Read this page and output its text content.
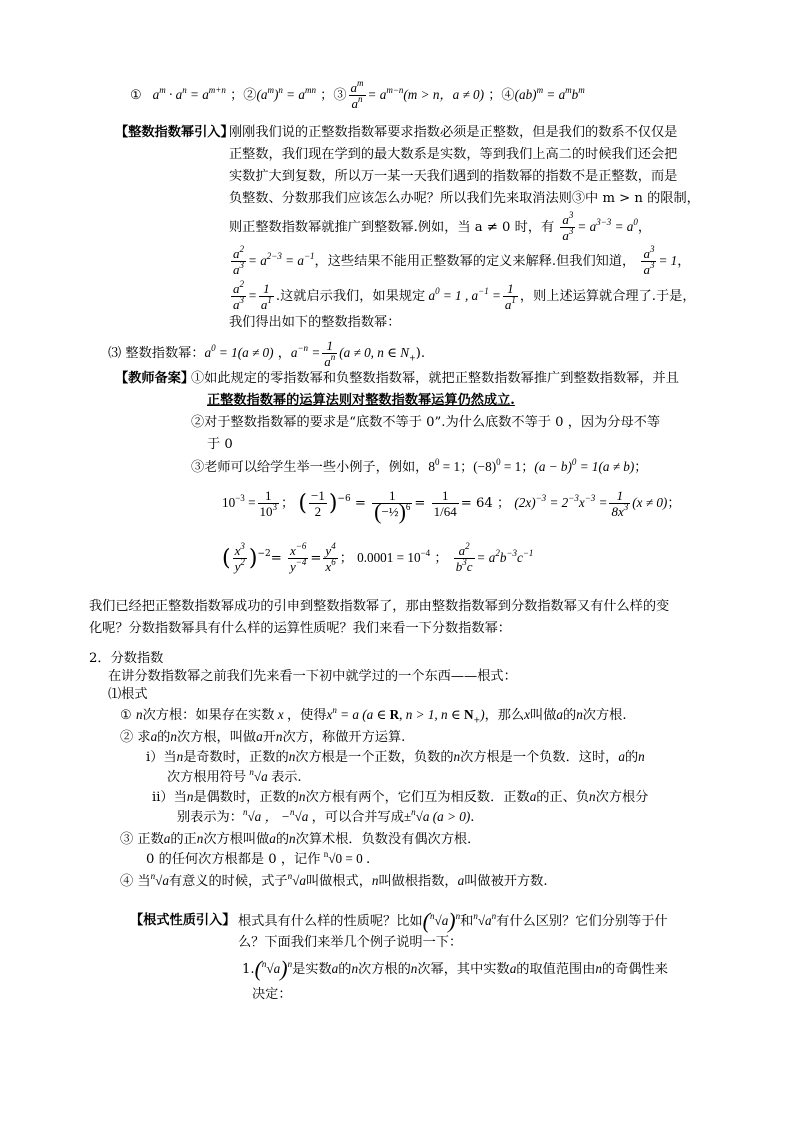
①   $a^m \cdot a^n = a^{m+n}$ ；$②(a^m)^n = a^{mn}$ ；③ $\frac{a^m}{a^n} = a^{m-n}(m > n$，a ≠ 0) ；④(ab)$^m$ = $a^mb^m$
【整数指数幂引入】
刚刚我们说的正整数指数幂要求指数必须是正整数，但是我们的数系不仅仅是
正整数，我们现在学到的最大数系是实数，等到我们上高二的时候我们还会把
实数扩大到复数，所以万一某一天我们遇到的指数幂的指数不是正整数，而是
负整数、分数那我们应该怎么办呢？所以我们先来取消法则③中 m > n 的限制，
则正整数指数幂就推广到整数幂.例如，当 a ≠ 0 时，有 $\frac{a^3}{a^3} = a^{3-3} = a^0$，
$\frac{a^2}{a^3} = a^{2-3} = a^{-1}$，这些结果不能用正整数幂的定义来解释.但我们知道， $\frac{a^3}{a^3} = 1$，
$\frac{a^2}{a^3} = \frac{1}{a^1}$ .这就启示我们，如果规定 $a^0 = 1$ , $a^{-1} = \frac{1}{a^1}$ ，则上述运算就合理了.于是，
我们得出如下的整数指数幂：
⑶ 整数指数幂：$a^0 = 1(a \ne 0)$ ，$a^{-n} = \frac{1}{a^n} (a \ne 0$, n ∈ $N_+$).
【教师备案】
①如此规定的零指数幂和负整数指数幂，就把正整数指数幂推广到整数指数幂，并且
正整数指数幂的运算法则对整数指数幂运算仍然成立.
②对于整数指数幂的要求是“底数不等于 0”.为什么底数不等于 0 ，因为分母不等
于 0
③老师可以给学生举一些小例子，例如，$8^0 = 1$；$(-8)^0 = 1$；$(a - b)^0 = 1(a \ne b)$；
$10^{-3} = \frac{1}{10^3}$ ； ( $\frac{-1}{2} )^{-6} = \frac{1}{(-\frac{1}{2})^6} = \frac{1}{1/64} = 64$ ； $(2x)^{-3} = 2^{-3}x^{-3} = \frac{1}{8x^3} (x \ne 0)$；
( $\frac{x^3}{y^2} )^{-2}= \frac{x^{-6}}{y^{-4}} = \frac{y^4}{x^6}$ ； $0.0001 = 10^{-4}$ ； $\frac{a^2}{b^3c} = a^2b^{-3}c^{-1}$
我们已经把正整数指数幂成功的引申到整数指数幂了，那由整数指数幂到分数指数幂又有什么样的变
化呢？分数指数幂具有什么样的运算性质呢？我们来看一下分数指数幂：
2．分数指数
在讲分数指数幂之前我们先来看一下初中就学过的一个东西——根式：
⑴根式
① n次方根：如果存在实数 x ，使得$x^n = a$ (a ∈ R, n > 1, n ∈ $N_+$)，那么x叫做a的n次方根.
② 求a的n次方根，叫做a开n次方，称做开方运算.
ⅰ）当n是奇数时，正数的n次方根是一个正数，负数的n次方根是一个负数．这时，a的n
次方根用符号 $^n$√a 表示.
ⅱ）当n是偶数时，正数的n次方根有两个，它们互为相反数．正数a的正、负n次方根分
别表示为：$^n$√a ， −$^n$√a ，可以合并写成±$^n$√a (a > 0).
③ 正数a的正n次方根叫做a的n次算术根．负数没有偶次方根．
0 的任何次方根都是 0 ，记作 $^n$√0 = 0 .
④ 当$^n$√a有意义的时候，式子$^n$√a叫做根式，n叫做根指数，a叫做被开方数.
【根式性质引入】 根式具有什么样的性质呢？比如$(^n√a)^n$和$^n√a^n$有什么区别？它们分别等于什
么？下面我们来举几个例子说明一下：
$1.(^n√a)^n$是实数a的n次方根的n次幂，其中实数a的取值范围由n的奇偶性来
决定：
